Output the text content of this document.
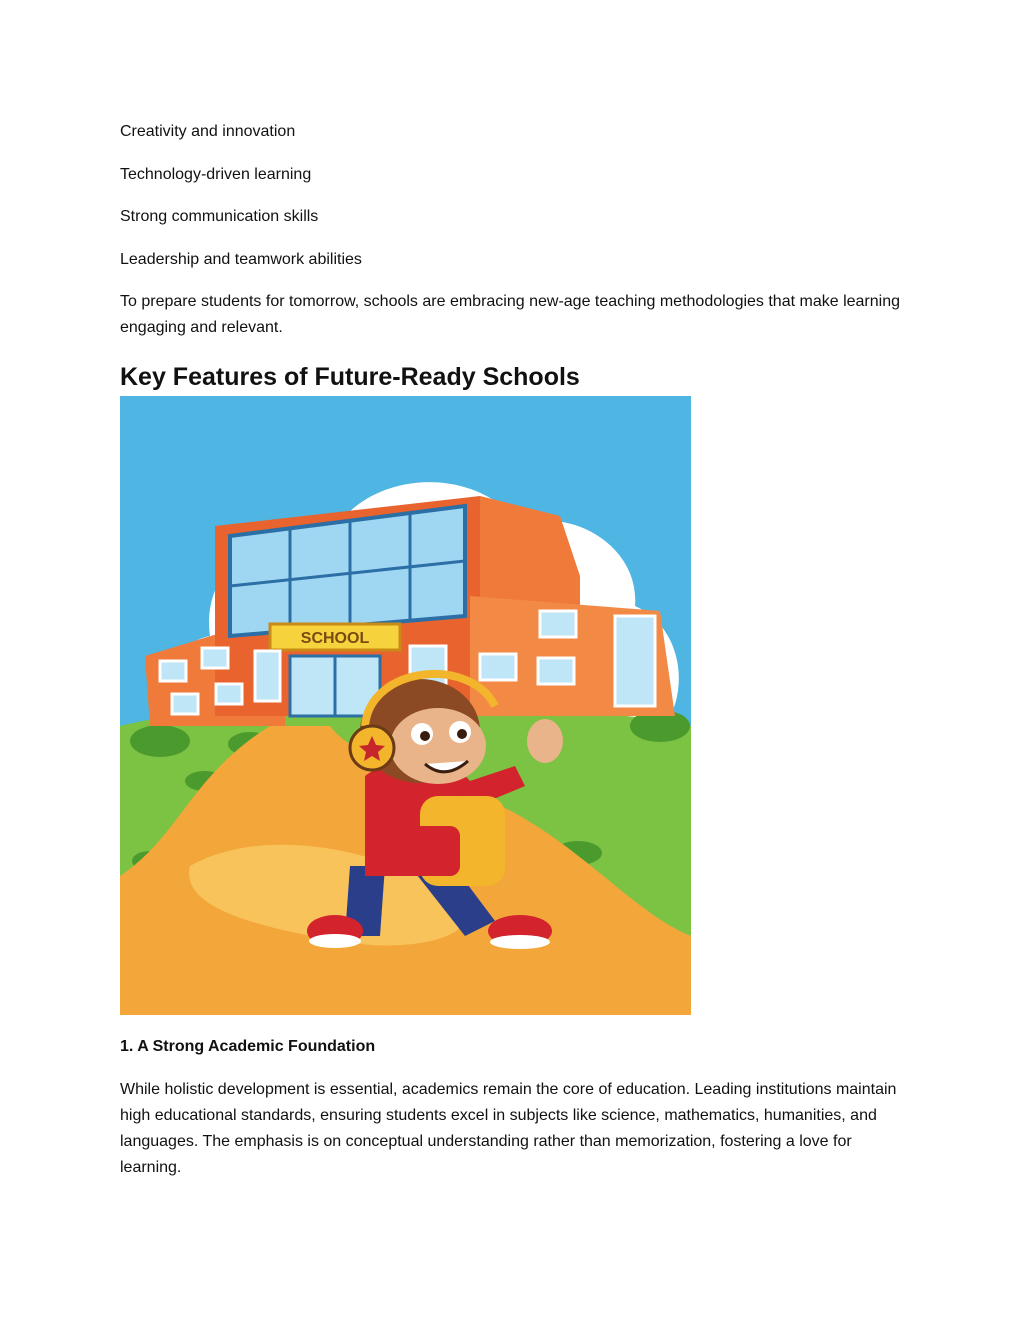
Creativity and innovation
Technology-driven learning
Strong communication skills
Leadership and teamwork abilities
To prepare students for tomorrow, schools are embracing new-age teaching methodologies that make learning engaging and relevant.
Key Features of Future-Ready Schools
SCHOOL
1. A Strong Academic Foundation
While holistic development is essential, academics remain the core of education. Leading institutions maintain high educational standards, ensuring students excel in subjects like science, mathematics, humanities, and languages. The emphasis is on conceptual understanding rather than memorization, fostering a love for learning.
